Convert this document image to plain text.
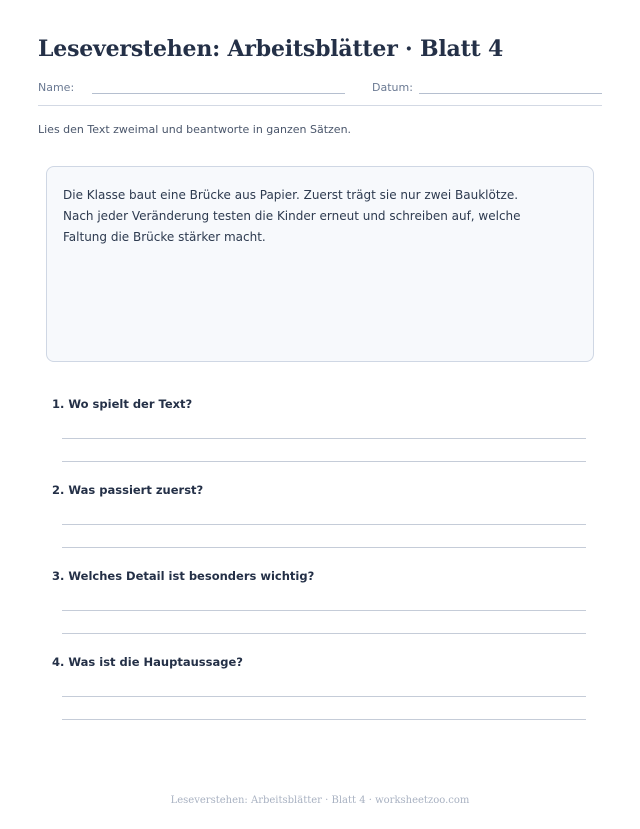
Leseverstehen: Arbeitsblätter · Blatt 4
Name:	Datum:

Lies den Text zweimal und beantworte in ganzen Sätzen.

Die Klasse baut eine Brücke aus Papier. Zuerst trägt sie nur zwei Bauklötze.

Nach jeder Veränderung testen die Kinder erneut und schreiben auf, welche

Faltung die Brücke stärker macht.

1. Wo spielt der Text?
2. Was passiert zuerst?
3. Welches Detail ist besonders wichtig?
4. Was ist die Hauptaussage?
Leseverstehen: Arbeitsblätter · Blatt 4 · worksheetzoo.com
